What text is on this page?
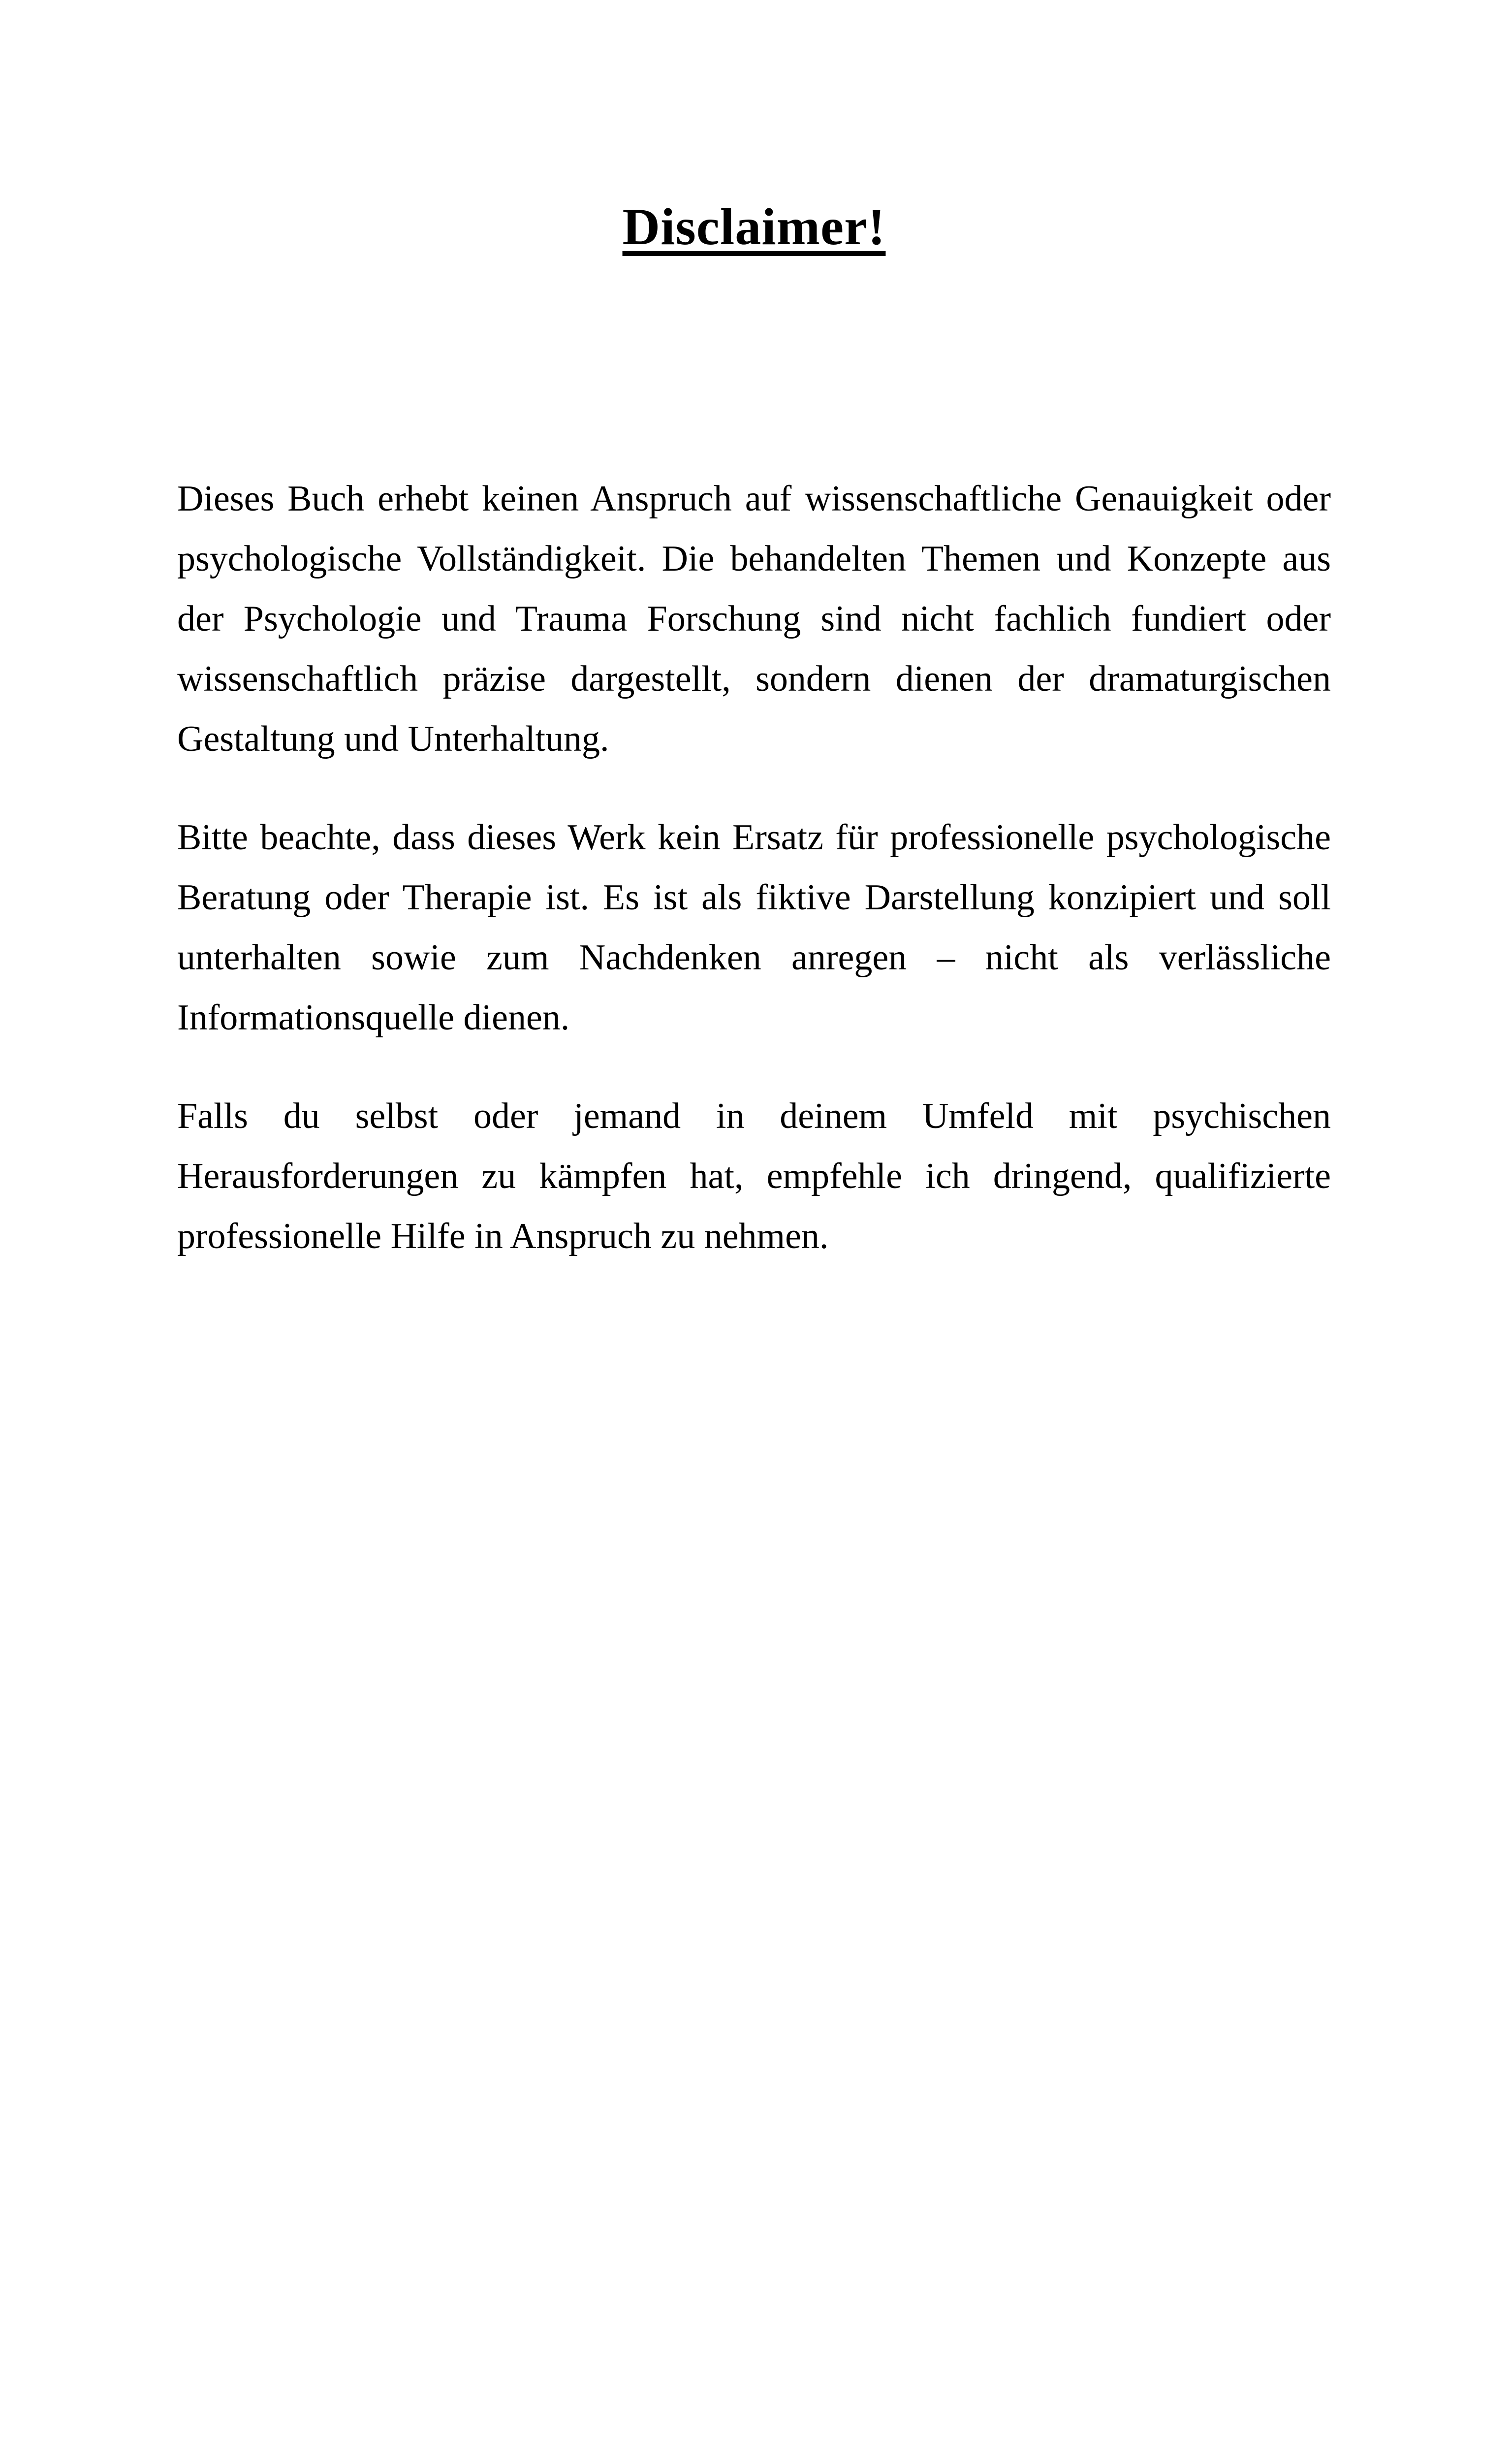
Disclaimer!

Dieses Buch erhebt keinen Anspruch auf wissenschaftliche Genauigkeit oder psychologische Vollständigkeit. Die behandelten Themen und Konzepte aus der Psychologie und Trauma Forschung sind nicht fachlich fundiert oder wissenschaftlich präzise dargestellt, sondern dienen der dramaturgischen Gestaltung und Unterhaltung.

Bitte beachte, dass dieses Werk kein Ersatz für professionelle psychologische Beratung oder Therapie ist. Es ist als fiktive Darstellung konzipiert und soll unterhalten sowie zum Nachdenken anregen – nicht als verlässliche Informationsquelle dienen.

Falls du selbst oder jemand in deinem Umfeld mit psychischen Herausforderungen zu kämpfen hat, empfehle ich dringend, qualifizierte professionelle Hilfe in Anspruch zu nehmen.
